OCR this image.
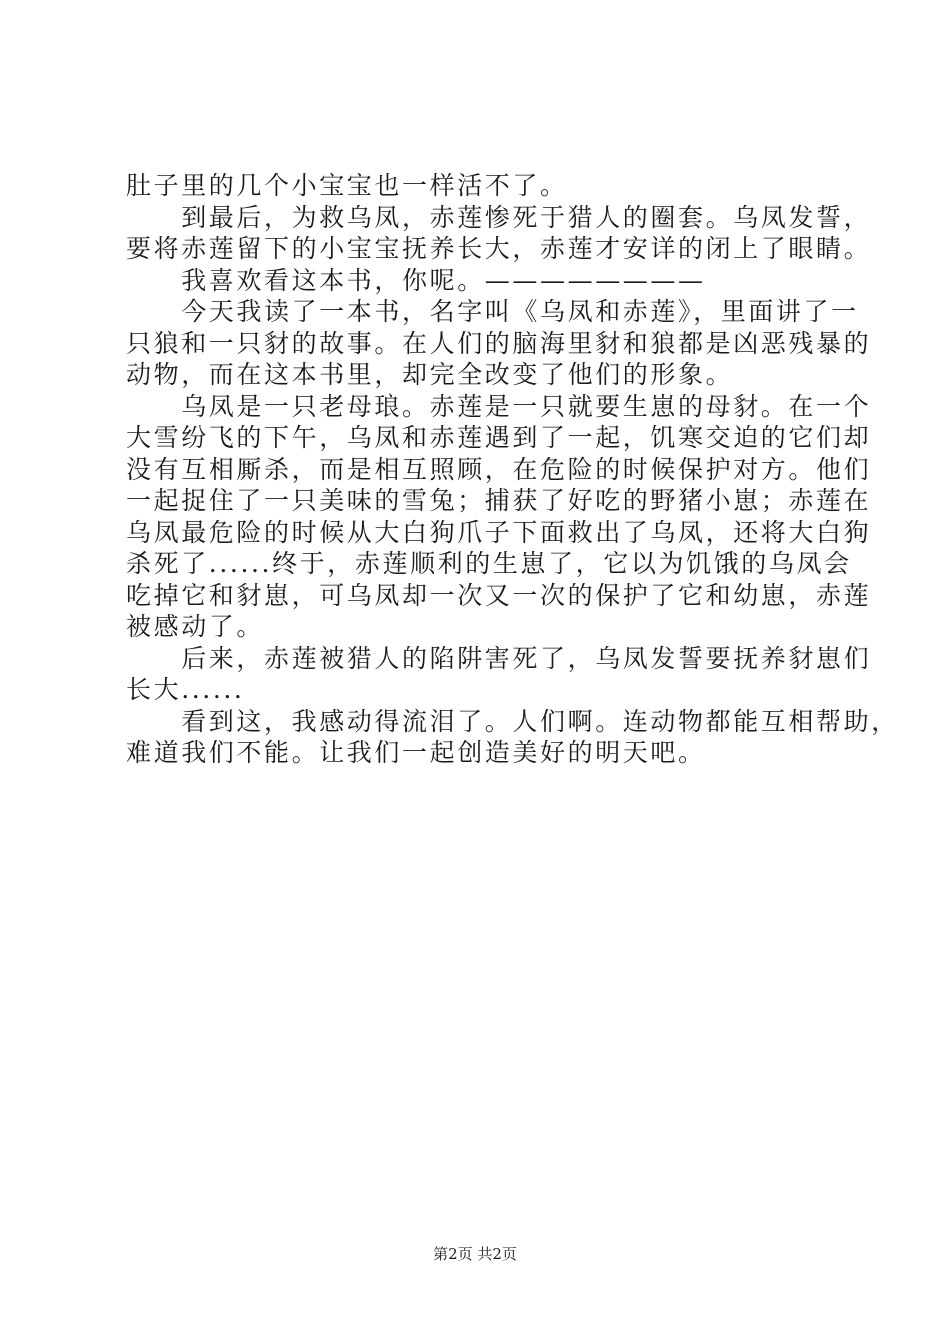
肚子里的几个小宝宝也一样活不了。
　　到最后，为救乌凤，赤莲惨死于猎人的圈套。乌凤发誓，
要将赤莲留下的小宝宝抚养长大，赤莲才安详的闭上了眼睛。
　　我喜欢看这本书，你呢。————————
　　今天我读了一本书，名字叫《乌凤和赤莲》，里面讲了一
只狼和一只豺的故事。在人们的脑海里豺和狼都是凶恶残暴的
动物，而在这本书里，却完全改变了他们的形象。
　　乌凤是一只老母琅。赤莲是一只就要生崽的母豺。在一个
大雪纷飞的下午，乌凤和赤莲遇到了一起，饥寒交迫的它们却
没有互相厮杀，而是相互照顾，在危险的时候保护对方。他们
一起捉住了一只美味的雪兔；捕获了好吃的野猪小崽；赤莲在
乌凤最危险的时候从大白狗爪子下面救出了乌凤，还将大白狗
杀死了......终于，赤莲顺利的生崽了，它以为饥饿的乌凤会
吃掉它和豺崽，可乌凤却一次又一次的保护了它和幼崽，赤莲
被感动了。
　　后来，赤莲被猎人的陷阱害死了，乌凤发誓要抚养豺崽们
长大......
　　看到这，我感动得流泪了。人们啊。连动物都能互相帮助，
难道我们不能。让我们一起创造美好的明天吧。
第2页 共2页
